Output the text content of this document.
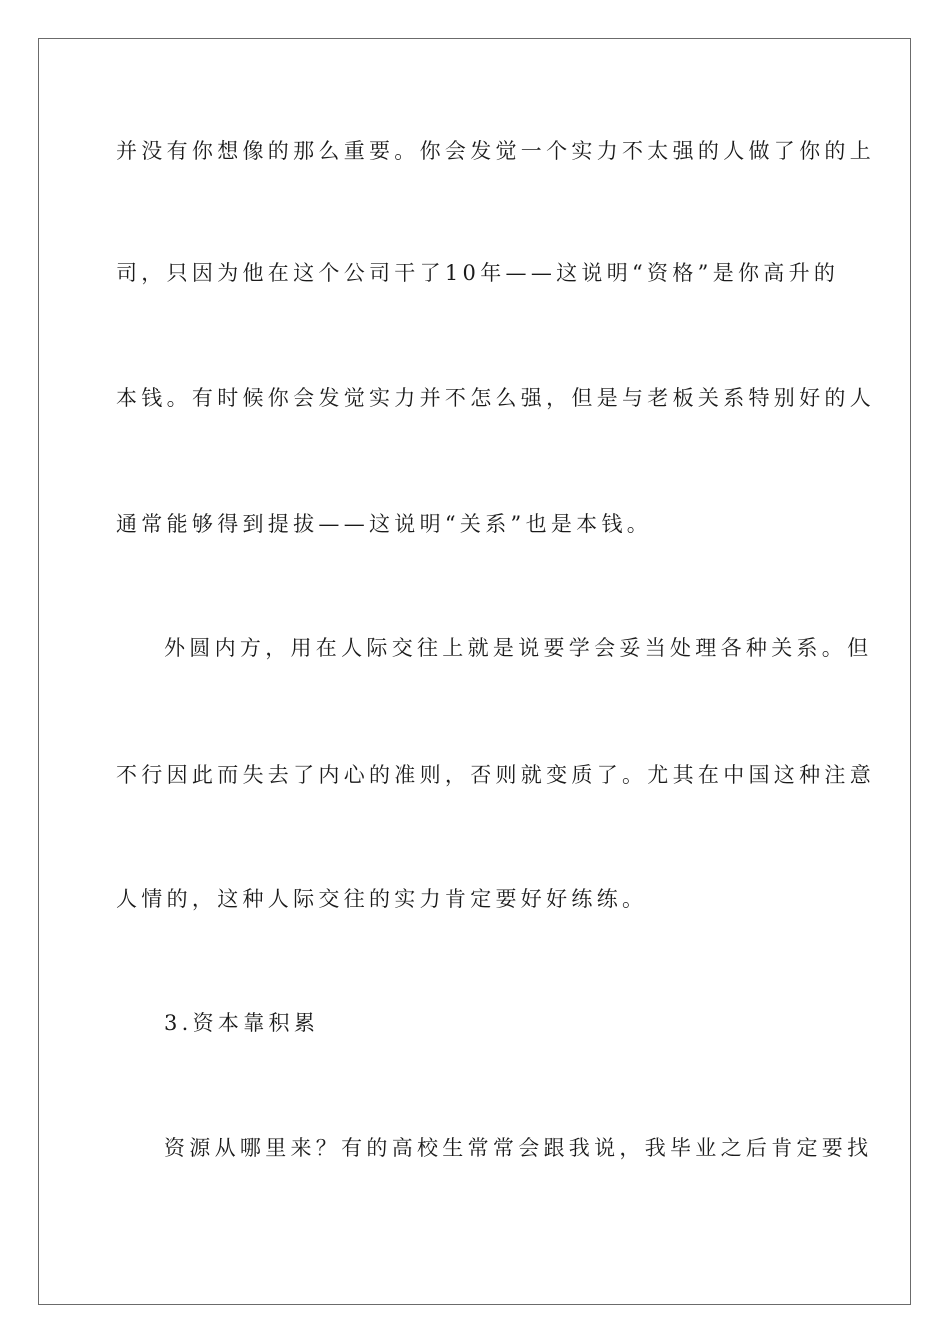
并没有你想像的那么重要。你会发觉一个实力不太强的人做了你的上
司，只因为他在这个公司干了10年——这说明“资格”是你高升的
本钱。有时候你会发觉实力并不怎么强，但是与老板关系特别好的人
通常能够得到提拔——这说明“关系”也是本钱。
外圆内方，用在人际交往上就是说要学会妥当处理各种关系。但
不行因此而失去了内心的准则，否则就变质了。尤其在中国这种注意
人情的，这种人际交往的实力肯定要好好练练。
3.资本靠积累
资源从哪里来？有的高校生常常会跟我说，我毕业之后肯定要找
